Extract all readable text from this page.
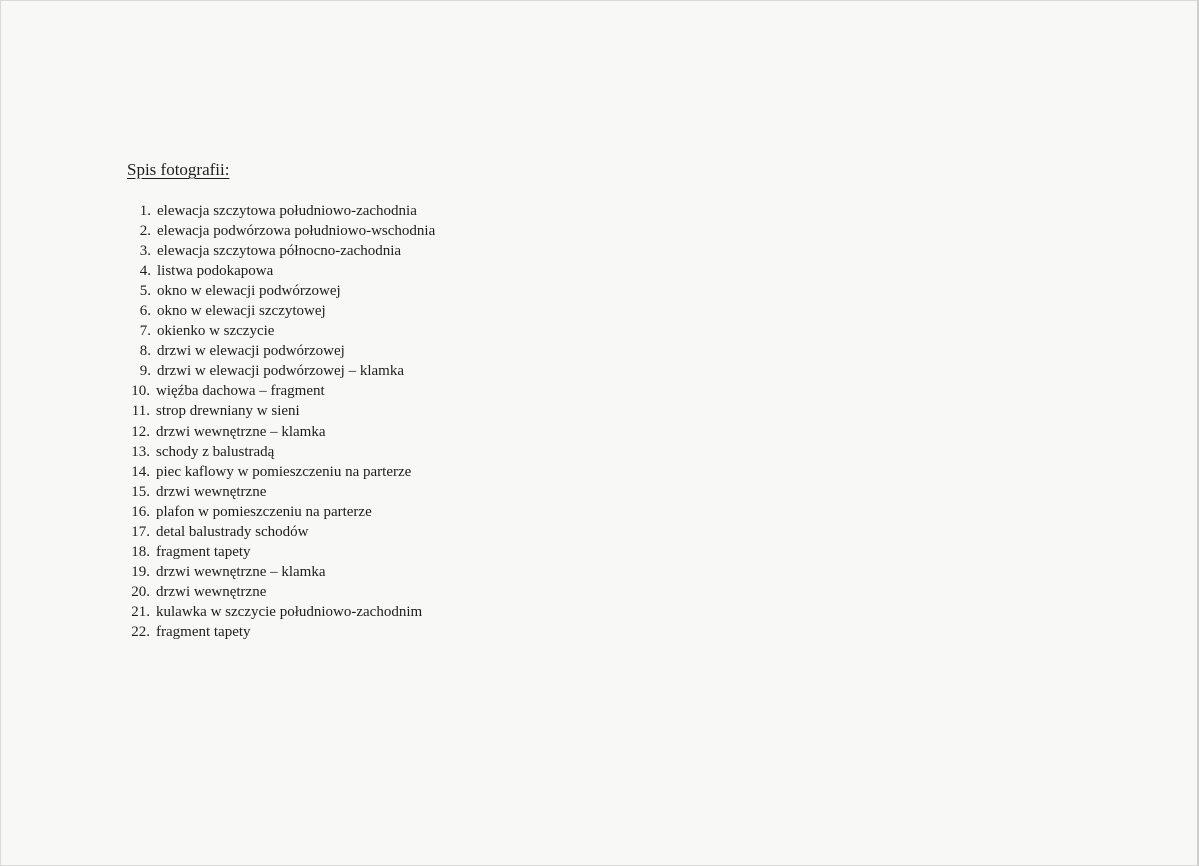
Spis fotografii:
1. elewacja szczytowa południowo-zachodnia
2. elewacja podwórzowa południowo-wschodnia
3. elewacja szczytowa północno-zachodnia
4. listwa podokapowa
5. okno w elewacji podwórzowej
6. okno w elewacji szczytowej
7. okienko w szczycie
8. drzwi w elewacji podwórzowej
9. drzwi w elewacji podwórzowej – klamka
10. więźba dachowa – fragment
11. strop drewniany w sieni
12. drzwi wewnętrzne – klamka
13. schody z balustradą
14. piec kaflowy w pomieszczeniu na parterze
15. drzwi wewnętrzne
16. plafon w pomieszczeniu na parterze
17. detal balustrady schodów
18. fragment tapety
19. drzwi wewnętrzne – klamka
20. drzwi wewnętrzne
21. kulawka w szczycie południowo-zachodnim
22. fragment tapety
